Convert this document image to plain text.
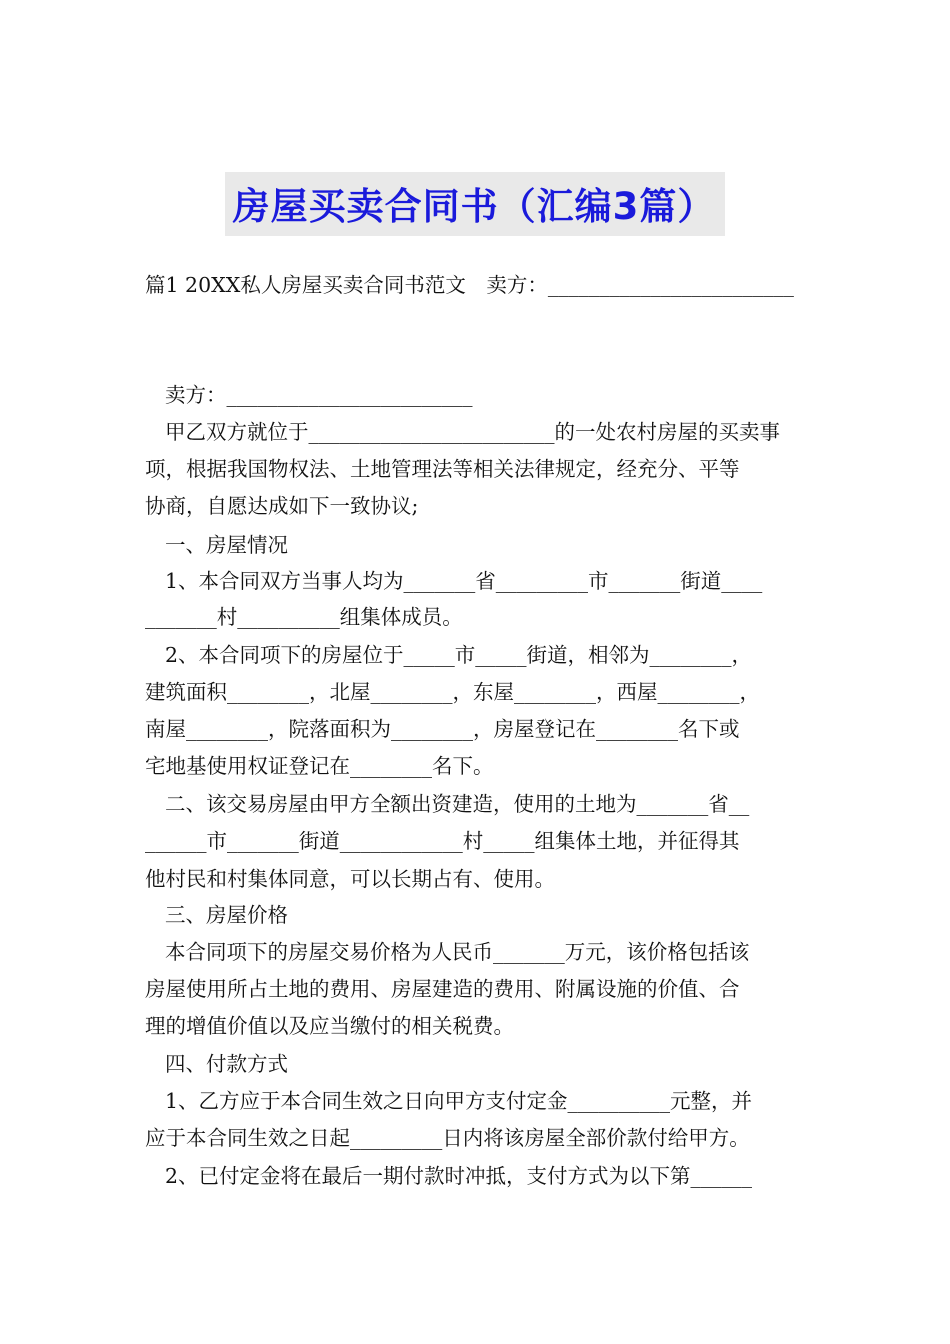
房屋买卖合同书（汇编3篇）
篇1 20XX私人房屋买卖合同书范文　卖方：________________________
卖方：________________________
甲乙双方就位于________________________的一处农村房屋的买卖事
项，根据我国物权法、土地管理法等相关法律规定，经充分、平等
协商，自愿达成如下一致协议;
一、房屋情况
1、本合同双方当事人均为_______省_________市_______街道____
_______村__________组集体成员。
2、本合同项下的房屋位于_____市_____街道，相邻为________，
建筑面积________，北屋________，东屋________，西屋________，
南屋________，院落面积为________，房屋登记在________名下或
宅地基使用权证登记在________名下。
二、该交易房屋由甲方全额出资建造，使用的土地为_______省__
______市_______街道____________村_____组集体土地，并征得其
他村民和村集体同意，可以长期占有、使用。
三、房屋价格
本合同项下的房屋交易价格为人民币_______万元，该价格包括该
房屋使用所占土地的费用、房屋建造的费用、附属设施的价值、合
理的增值价值以及应当缴付的相关税费。
四、付款方式
1、乙方应于本合同生效之日向甲方支付定金__________元整，并
应于本合同生效之日起_________日内将该房屋全部价款付给甲方。
2、已付定金将在最后一期付款时冲抵，支付方式为以下第______
